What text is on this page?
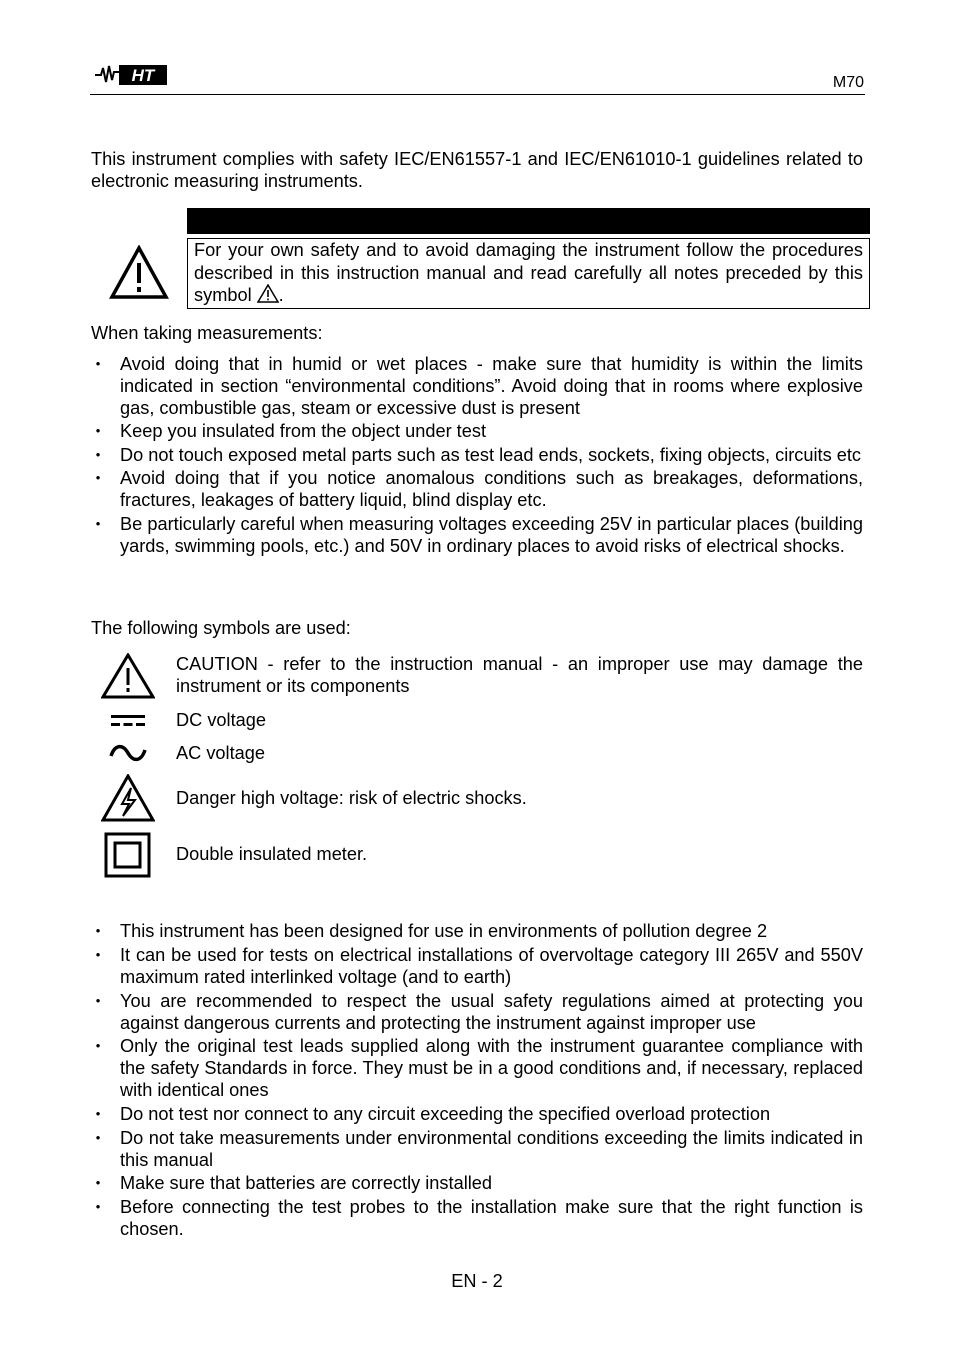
HT	M70
This instrument complies with safety IEC/EN61557-1 and IEC/EN61010-1 guidelines related to electronic measuring instruments.
For your own safety and to avoid damaging the instrument follow the procedures described in this instruction manual and read carefully all notes preceded by this symbol .
When taking measurements:
• Avoid doing that in humid or wet places - make sure that humidity is within the limits indicated in section “environmental conditions”. Avoid doing that in rooms where explosive gas, combustible gas, steam or excessive dust is present
• Keep you insulated from the object under test
• Do not touch exposed metal parts such as test lead ends, sockets, fixing objects, circuits etc
• Avoid doing that if you notice anomalous conditions such as breakages, deformations, fractures, leakages of battery liquid, blind display etc.
• Be particularly careful when measuring voltages exceeding 25V in particular places (building yards, swimming pools, etc.) and 50V in ordinary places to avoid risks of electrical shocks.
The following symbols are used:
CAUTION - refer to the instruction manual - an improper use may damage the instrument or its components
DC voltage
AC voltage
Danger high voltage: risk of electric shocks.
Double insulated meter.
• This instrument has been designed for use in environments of pollution degree 2
• It can be used for tests on electrical installations of overvoltage category III 265V and 550V maximum rated interlinked voltage (and to earth)
• You are recommended to respect the usual safety regulations aimed at protecting you against dangerous currents and protecting the instrument against improper use
• Only the original test leads supplied along with the instrument guarantee compliance with the safety Standards in force. They must be in a good conditions and, if necessary, replaced with identical ones
• Do not test nor connect to any circuit exceeding the specified overload protection
• Do not take measurements under environmental conditions exceeding the limits indicated in this manual
• Make sure that batteries are correctly installed
• Before connecting the test probes to the installation make sure that the right function is chosen.
EN - 2
